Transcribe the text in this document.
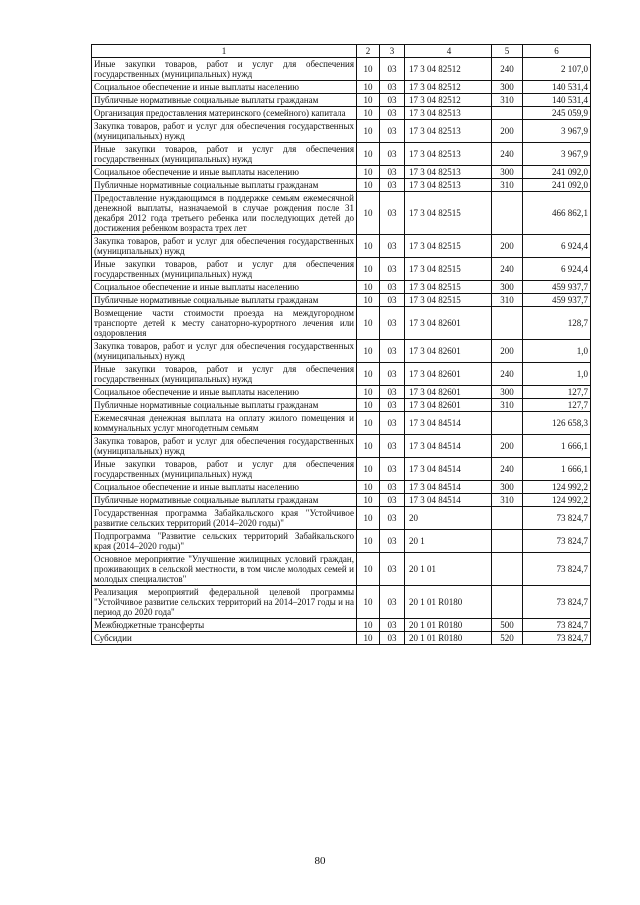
1	2	3	4	5	6
Иные закупки товаров, работ и услуг для обеспечения государственных (муниципальных) нужд	10	03	17 3 04 82512	240	2 107,0
Социальное обеспечение и иные выплаты населению	10	03	17 3 04 82512	300	140 531,4
Публичные нормативные социальные выплаты гражданам	10	03	17 3 04 82512	310	140 531,4
Организация предоставления материнского (семейного) капитала	10	03	17 3 04 82513		245 059,9
Закупка товаров, работ и услуг для обеспечения государственных (муниципальных) нужд	10	03	17 3 04 82513	200	3 967,9
Иные закупки товаров, работ и услуг для обеспечения государственных (муниципальных) нужд	10	03	17 3 04 82513	240	3 967,9
Социальное обеспечение и иные выплаты населению	10	03	17 3 04 82513	300	241 092,0
Публичные нормативные социальные выплаты гражданам	10	03	17 3 04 82513	310	241 092,0
Предоставление нуждающимся в поддержке семьям ежемесячной денежной выплаты, назначаемой в случае рождения после 31 декабря 2012 года третьего ребенка или последующих детей до достижения ребенком возраста трех лет	10	03	17 3 04 82515		466 862,1
Закупка товаров, работ и услуг для обеспечения государственных (муниципальных) нужд	10	03	17 3 04 82515	200	6 924,4
Иные закупки товаров, работ и услуг для обеспечения государственных (муниципальных) нужд	10	03	17 3 04 82515	240	6 924,4
Социальное обеспечение и иные выплаты населению	10	03	17 3 04 82515	300	459 937,7
Публичные нормативные социальные выплаты гражданам	10	03	17 3 04 82515	310	459 937,7
Возмещение части стоимости проезда на междугородном транспорте детей к месту санаторно-курортного лечения или оздоровления	10	03	17 3 04 82601		128,7
Закупка товаров, работ и услуг для обеспечения государственных (муниципальных) нужд	10	03	17 3 04 82601	200	1,0
Иные закупки товаров, работ и услуг для обеспечения государственных (муниципальных) нужд	10	03	17 3 04 82601	240	1,0
Социальное обеспечение и иные выплаты населению	10	03	17 3 04 82601	300	127,7
Публичные нормативные социальные выплаты гражданам	10	03	17 3 04 82601	310	127,7
Ежемесячная денежная выплата на оплату жилого помещения и коммунальных услуг многодетным семьям	10	03	17 3 04 84514		126 658,3
Закупка товаров, работ и услуг для обеспечения государственных (муниципальных) нужд	10	03	17 3 04 84514	200	1 666,1
Иные закупки товаров, работ и услуг для обеспечения государственных (муниципальных) нужд	10	03	17 3 04 84514	240	1 666,1
Социальное обеспечение и иные выплаты населению	10	03	17 3 04 84514	300	124 992,2
Публичные нормативные социальные выплаты гражданам	10	03	17 3 04 84514	310	124 992,2
Государственная программа Забайкальского края "Устойчивое развитие сельских территорий (2014–2020 годы)"	10	03	20		73 824,7
Подпрограмма "Развитие сельских территорий Забайкальского края (2014–2020 годы)"	10	03	20 1		73 824,7
Основное мероприятие "Улучшение жилищных условий граждан, проживающих в сельской местности, в том числе молодых семей и молодых специалистов"	10	03	20 1 01		73 824,7
Реализация мероприятий федеральной целевой программы "Устойчивое развитие сельских территорий на 2014–2017 годы и на период до 2020 года"	10	03	20 1 01 R0180		73 824,7
Межбюджетные трансферты	10	03	20 1 01 R0180	500	73 824,7
Субсидии	10	03	20 1 01 R0180	520	73 824,7
80
